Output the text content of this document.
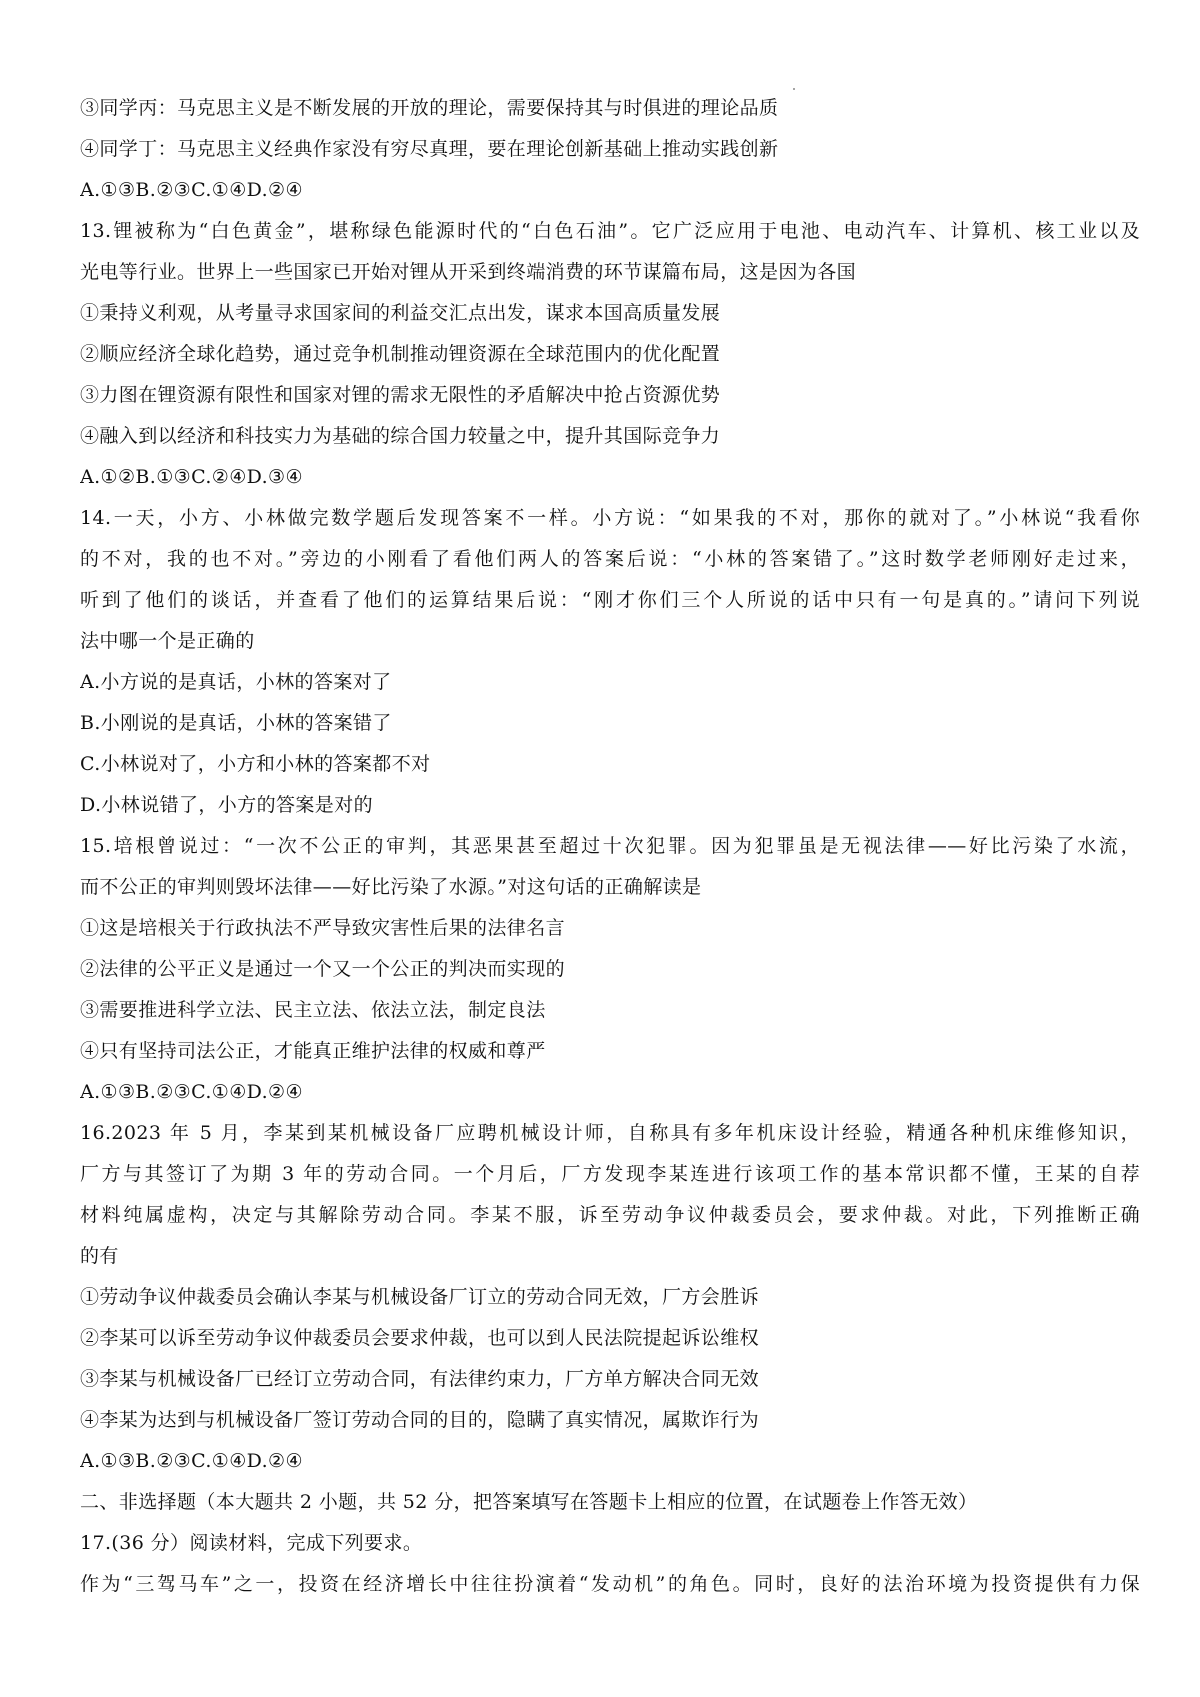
③同学丙：马克思主义是不断发展的开放的理论，需要保持其与时俱进的理论品质
④同学丁：马克思主义经典作家没有穷尽真理，要在理论创新基础上推动实践创新
A.①③B.②③C.①④D.②④
13.锂被称为“白色黄金”，堪称绿色能源时代的“白色石油”。它广泛应用于电池、电动汽车、计算机、核工业以及
光电等行业。世界上一些国家已开始对锂从开采到终端消费的环节谋篇布局，这是因为各国
①秉持义利观，从考量寻求国家间的利益交汇点出发，谋求本国高质量发展
②顺应经济全球化趋势，通过竞争机制推动锂资源在全球范围内的优化配置
③力图在锂资源有限性和国家对锂的需求无限性的矛盾解决中抢占资源优势
④融入到以经济和科技实力为基础的综合国力较量之中，提升其国际竞争力
A.①②B.①③C.②④D.③④
14.一天，小方、小林做完数学题后发现答案不一样。小方说：“如果我的不对，那你的就对了。”小林说“我看你
的不对，我的也不对。”旁边的小刚看了看他们两人的答案后说：“小林的答案错了。”这时数学老师刚好走过来，
听到了他们的谈话，并查看了他们的运算结果后说：“刚才你们三个人所说的话中只有一句是真的。”请问下列说
法中哪一个是正确的
A.小方说的是真话，小林的答案对了
B.小刚说的是真话，小林的答案错了
C.小林说对了，小方和小林的答案都不对
D.小林说错了，小方的答案是对的
15.培根曾说过：“一次不公正的审判，其恶果甚至超过十次犯罪。因为犯罪虽是无视法律——好比污染了水流，
而不公正的审判则毁坏法律——好比污染了水源。”对这句话的正确解读是
①这是培根关于行政执法不严导致灾害性后果的法律名言
②法律的公平正义是通过一个又一个公正的判决而实现的
③需要推进科学立法、民主立法、依法立法，制定良法
④只有坚持司法公正，才能真正维护法律的权威和尊严
A.①③B.②③C.①④D.②④
16.2023 年 5 月，李某到某机械设备厂应聘机械设计师，自称具有多年机床设计经验，精通各种机床维修知识，
厂方与其签订了为期 3 年的劳动合同。一个月后，厂方发现李某连进行该项工作的基本常识都不懂，王某的自荐
材料纯属虚构，决定与其解除劳动合同。李某不服，诉至劳动争议仲裁委员会，要求仲裁。对此，下列推断正确
的有
①劳动争议仲裁委员会确认李某与机械设备厂订立的劳动合同无效，厂方会胜诉
②李某可以诉至劳动争议仲裁委员会要求仲裁，也可以到人民法院提起诉讼维权
③李某与机械设备厂已经订立劳动合同，有法律约束力，厂方单方解决合同无效
④李某为达到与机械设备厂签订劳动合同的目的，隐瞒了真实情况，属欺诈行为
A.①③B.②③C.①④D.②④
二、非选择题（本大题共 2 小题，共 52 分，把答案填写在答题卡上相应的位置，在试题卷上作答无效）
17.(36 分）阅读材料，完成下列要求。
作为“三驾马车”之一，投资在经济增长中往往扮演着“发动机”的角色。同时，良好的法治环境为投资提供有力保
